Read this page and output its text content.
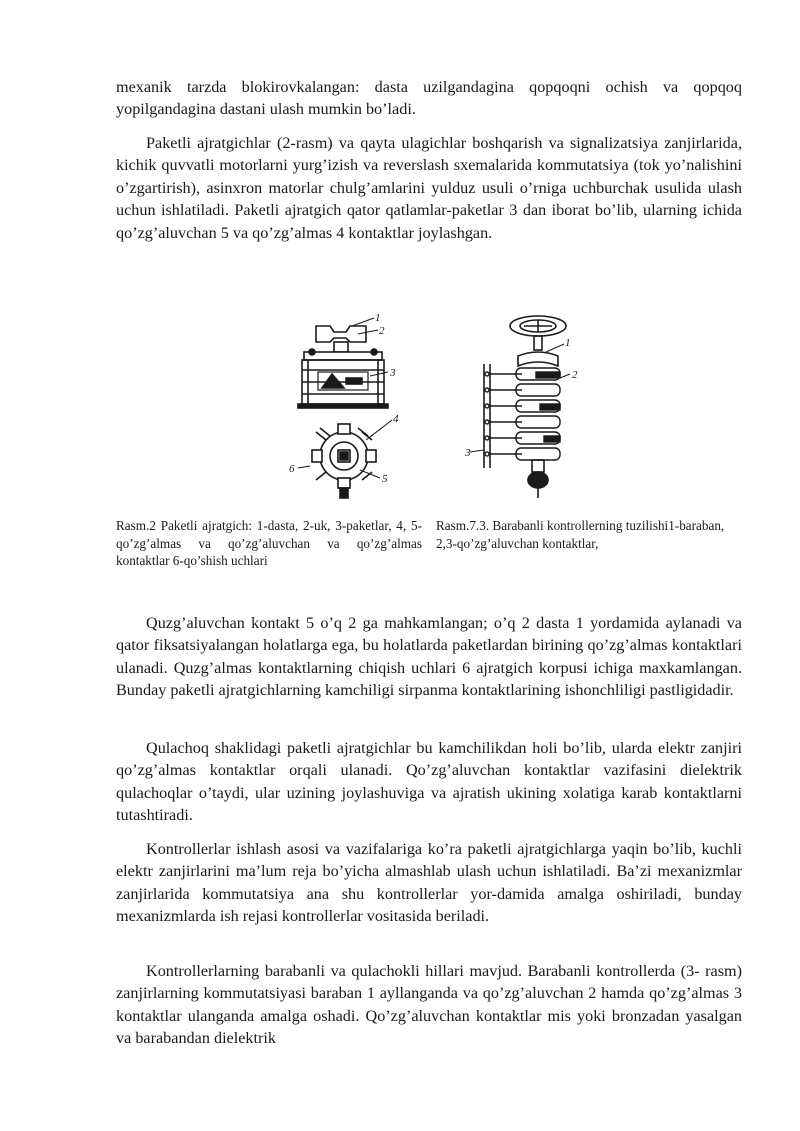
mexanik tarzda blokirovkalangan: dasta uzilgandagina qopqoqni ochish va qopqoq yopilgandagina dastani ulash mumkin bo’ladi.

Paketli ajratgichlar (2-rasm) va qayta ulagichlar boshqarish va signalizatsiya zanjirlarida, kichik quvvatli motorlarni yurg’izish va reverslash sxemalarida kommutatsiya (tok yo’nalishini o’zgartirish), asinxron matorlar chulg’amlarini yulduz usuli o’rniga uchburchak usulida ulash uchun ishlatiladi. Paketli ajratgich qator qatlamlar-paketlar 3 dan iborat bo’lib, ularning ichida qo’zg’aluvchan 5 va qo’zg’almas 4 kontaktlar joylashgan.

1
2
3
4
5
6
1
2
3

Rasm.2 Paketli ajratgich: 1-dasta, 2-uk, 3-paketlar, 4, 5- qo’zg’almas va qo’zg’aluvchan va qo’zg’almas kontaktlar 6-qo’shish uchlari

Rasm.7.3. Barabanli kontrollerning tuzilishi1-baraban, 2,3-qo’zg’aluvchan kontaktlar,

Quzg’aluvchan kontakt 5 o’q 2 ga mahkamlangan; o’q 2 dasta 1 yordamida aylanadi va qator fiksatsiyalangan holatlarga ega, bu holatlarda paketlardan birining qo’zg’almas kontaktlari ulanadi. Quzg’almas kontaktlarning chiqish uchlari 6 ajratgich korpusi ichiga maxkamlangan. Bunday paketli ajratgichlarning kamchiligi sirpanma kontaktlarining ishonchliligi pastligidadir.

Qulachoq shaklidagi paketli ajratgichlar bu kamchilikdan holi bo’lib, ularda elektr zanjiri qo’zg’almas kontaktlar orqali ulanadi. Qo’zg’aluvchan kontaktlar vazifasini dielektrik qulachoqlar o’taydi, ular uzining joylashuviga va ajratish ukining xolatiga karab kontaktlarni tutashtiradi.

Kontrollerlar ishlash asosi va vazifalariga ko’ra paketli ajratgichlarga yaqin bo’lib, kuchli elektr zanjirlarini ma’lum reja bo’yicha almashlab ulash uchun ishlatiladi. Ba’zi mexanizmlar zanjirlarida kommutatsiya ana shu kontrollerlar yor-damida amalga oshiriladi, bunday mexanizmlarda ish rejasi kontrollerlar vositasida beriladi.

Kontrollerlarning barabanli va qulachokli hillari mavjud. Barabanli kontrollerda (3- rasm) zanjirlarning kommutatsiyasi baraban 1 ayllanganda va qo’zg’aluvchan 2 hamda qo’zg’almas 3 kontaktlar ulanganda amalga oshadi. Qo’zg’aluvchan kontaktlar mis yoki bronzadan yasalgan va barabandan dielektrik
